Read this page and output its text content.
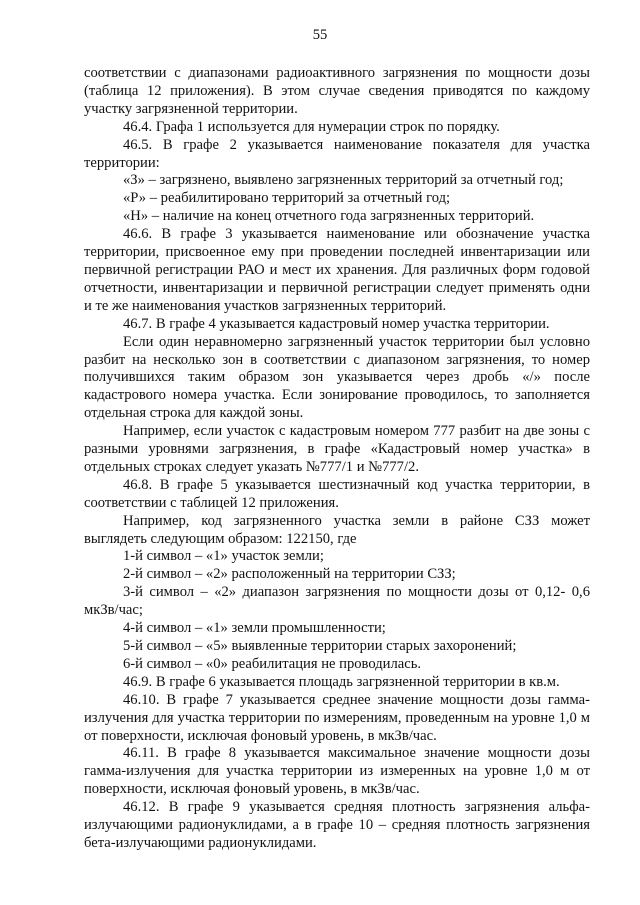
55

соответствии с диапазонами радиоактивного загрязнения по мощности дозы (таблица 12 приложения). В этом случае сведения приводятся по каждому участку загрязненной территории.

46.4. Графа 1 используется для нумерации строк по порядку.

46.5. В графе 2 указывается наименование показателя для участка территории:

«З» – загрязнено, выявлено загрязненных территорий за отчетный год;

«Р» – реабилитировано территорий за отчетный год;

«Н» – наличие на конец отчетного года загрязненных территорий.

46.6. В графе 3 указывается наименование или обозначение участка территории, присвоенное ему при проведении последней инвентаризации или первичной регистрации РАО и мест их хранения. Для различных форм годовой отчетности, инвентаризации и первичной регистрации следует применять одни и те же наименования участков загрязненных территорий.

46.7. В графе 4 указывается кадастровый номер участка территории.

Если один неравномерно загрязненный участок территории был условно разбит на несколько зон в соответствии с диапазоном загрязнения, то номер получившихся таким образом зон указывается через дробь «/» после кадастрового номера участка. Если зонирование проводилось, то заполняется отдельная строка для каждой зоны.

Например, если участок с кадастровым номером 777 разбит на две зоны с разными уровнями загрязнения, в графе «Кадастровый номер участка» в отдельных строках следует указать №777/1 и №777/2.

46.8. В графе 5 указывается шестизначный код участка территории, в соответствии с таблицей 12 приложения.

Например, код загрязненного участка земли в районе СЗЗ может выглядеть следующим образом: 122150, где

1-й символ – «1» участок земли;

2-й символ – «2» расположенный на территории СЗЗ;

3-й символ – «2» диапазон загрязнения по мощности дозы от 0,12- 0,6 мкЗв/час;

4-й символ – «1» земли промышленности;

5-й символ – «5» выявленные территории старых захоронений;

6-й символ – «0» реабилитация не проводилась.

46.9. В графе 6 указывается площадь загрязненной территории в кв.м.

46.10. В графе 7 указывается среднее значение мощности дозы гамма-излучения для участка территории по измерениям, проведенным на уровне 1,0 м от поверхности, исключая фоновый уровень, в мкЗв/час.

46.11. В графе 8 указывается максимальное значение мощности дозы гамма-излучения для участка территории из измеренных на уровне 1,0 м от поверхности, исключая фоновый уровень, в мкЗв/час.

46.12. В графе 9 указывается средняя плотность загрязнения альфа-излучающими радионуклидами, а в графе 10 – средняя плотность загрязнения бета-излучающими радионуклидами.
